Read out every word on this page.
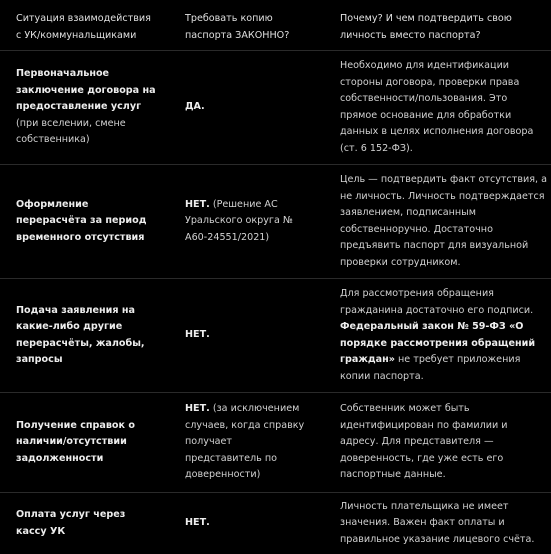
Ситуация взаимодействия с УК/коммунальщиками
Требовать копию паспорта ЗАКОННО?
Почему? И чем подтвердить свою личность вместо паспорта?
Первоначальное заключение договора на предоставление услуг (при вселении, смене собственника)
ДА.
Необходимо для идентификации стороны договора, проверки права собственности/пользования. Это прямое основание для обработки данных в целях исполнения договора (ст. 6 152-ФЗ).
Оформление перерасчёта за период временного отсутствия
НЕТ. (Решение АС Уральского округа № А60-24551/2021)
Цель — подтвердить факт отсутствия, а не личность. Личность подтверждается заявлением, подписанным собственноручно. Достаточно предъявить паспорт для визуальной проверки сотрудником.
Подача заявления на какие-либо другие перерасчёты, жалобы, запросы
НЕТ.
Для рассмотрения обращения гражданина достаточно его подписи. Федеральный закон № 59-ФЗ «О порядке рассмотрения обращений граждан» не требует приложения копии паспорта.
Получение справок о наличии/отсутствии задолженности
НЕТ. (за исключением случаев, когда справку получает представитель по доверенности)
Собственник может быть идентифицирован по фамилии и адресу. Для представителя — доверенность, где уже есть его паспортные данные.
Оплата услуг через кассу УК
НЕТ.
Личность плательщика не имеет значения. Важен факт оплаты и правильное указание лицевого счёта.
